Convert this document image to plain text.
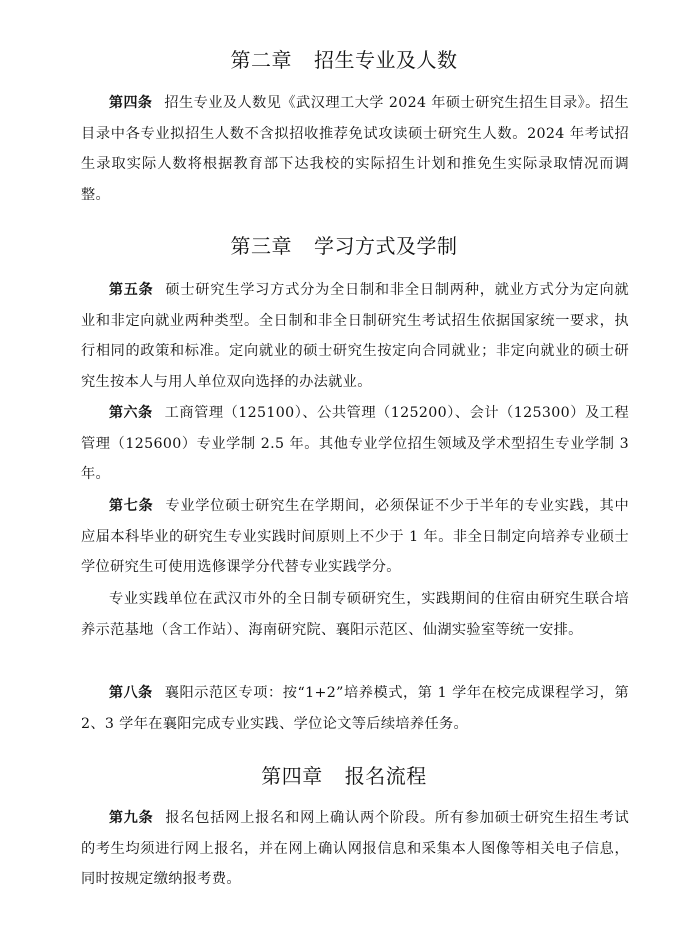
第二章 招生专业及人数

第四条 招生专业及人数见《武汉理工大学 2024 年硕士研究生招生目录》。招生目录中各专业拟招生人数不含拟招收推荐免试攻读硕士研究生人数。2024 年考试招生录取实际人数将根据教育部下达我校的实际招生计划和推免生实际录取情况而调整。

第三章 学习方式及学制

第五条 硕士研究生学习方式分为全日制和非全日制两种，就业方式分为定向就业和非定向就业两种类型。全日制和非全日制研究生考试招生依据国家统一要求，执行相同的政策和标准。定向就业的硕士研究生按定向合同就业；非定向就业的硕士研究生按本人与用人单位双向选择的办法就业。

第六条 工商管理（125100）、公共管理（125200）、会计（125300）及工程管理（125600）专业学制 2.5 年。其他专业学位招生领域及学术型招生专业学制 3 年。

第七条 专业学位硕士研究生在学期间，必须保证不少于半年的专业实践，其中应届本科毕业的研究生专业实践时间原则上不少于 1 年。非全日制定向培养专业硕士学位研究生可使用选修课学分代替专业实践学分。

专业实践单位在武汉市外的全日制专硕研究生，实践期间的住宿由研究生联合培养示范基地（含工作站）、海南研究院、襄阳示范区、仙湖实验室等统一安排。

第八条 襄阳示范区专项：按“1+2”培养模式，第 1 学年在校完成课程学习，第 2、3 学年在襄阳完成专业实践、学位论文等后续培养任务。

第四章 报名流程

第九条 报名包括网上报名和网上确认两个阶段。所有参加硕士研究生招生考试的考生均须进行网上报名，并在网上确认网报信息和采集本人图像等相关电子信息，同时按规定缴纳报考费。
